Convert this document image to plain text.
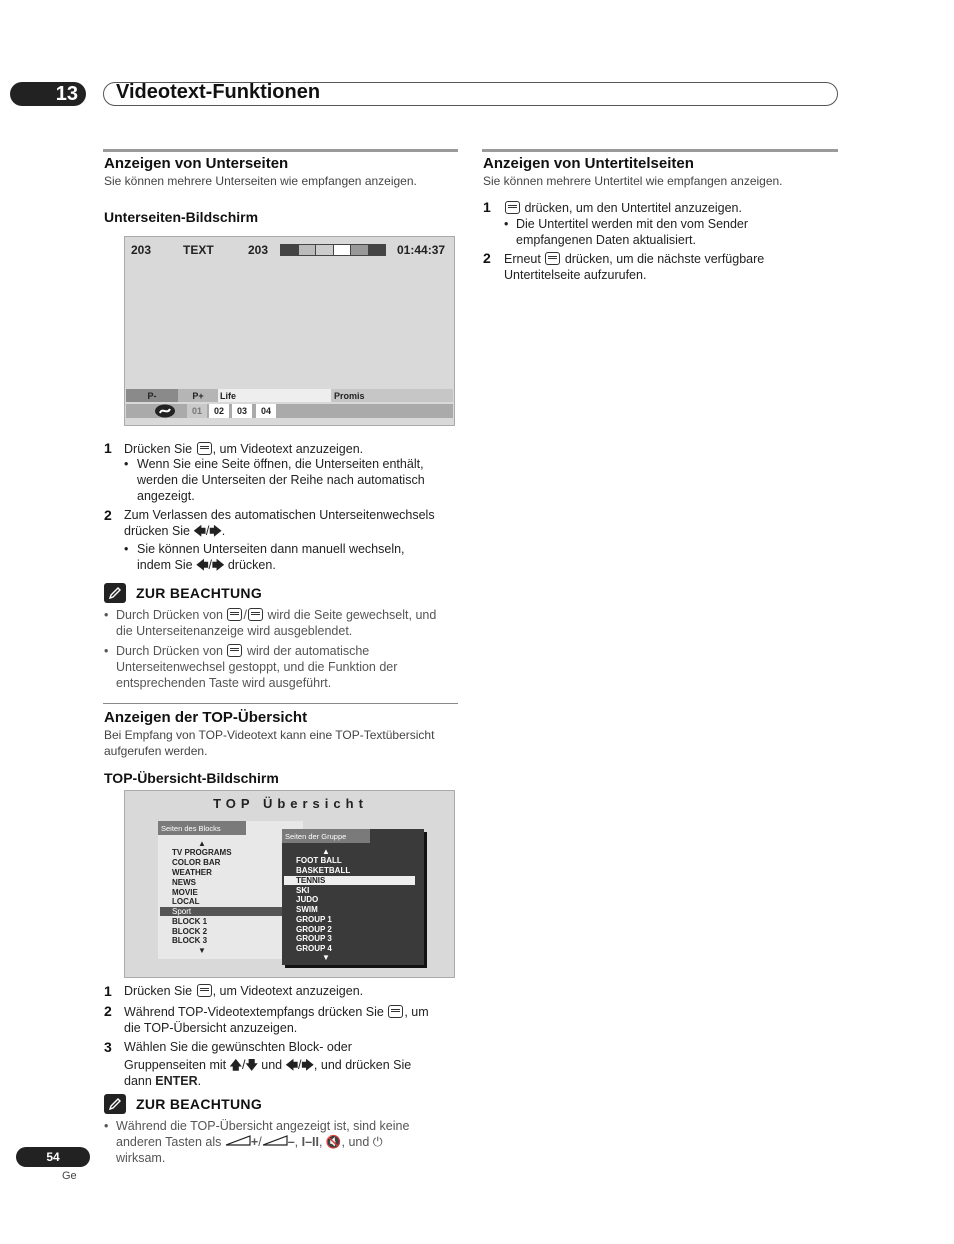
13	Videotext-Funktionen
Anzeigen von Unterseiten
Sie können mehrere Unterseiten wie empfangen anzeigen.
Unterseiten-Bildschirm
203	TEXT	203	01:44:37
P-	P+ Life	Promis
01 02 03 04
1 Drücken Sie , um Videotext anzuzeigen.
• Wenn Sie eine Seite öffnen, die Unterseiten enthält,
werden die Unterseiten der Reihe nach automatisch
angezeigt.
2 Zum Verlassen des automatischen Unterseitenwechsels
drücken Sie 🡄/🡆.
• Sie können Unterseiten dann manuell wechseln,
indem Sie 🡄/🡆 drücken.
ZUR BEACHTUNG
• Durch Drücken von / wird die Seite gewechselt, und
die Unterseitenanzeige wird ausgeblendet.
• Durch Drücken von wird der automatische
Unterseitenwechsel gestoppt, und die Funktion der
entsprechenden Taste wird ausgeführt.
Anzeigen der TOP-Übersicht
Bei Empfang von TOP-Videotext kann eine TOP-Textübersicht
aufgerufen werden.
TOP-Übersicht-Bildschirm
TOP Übersicht
Seiten des Blocks
▲
TV PROGRAMS
COLOR BAR
WEATHER
NEWS
MOVIE
LOCAL
Sport
BLOCK 1
BLOCK 2
BLOCK 3
▼
Seiten der Gruppe
▲
FOOT BALL
BASKETBALL
TENNIS
SKI
JUDO
SWIM
GROUP 1
GROUP 2
GROUP 3
GROUP 4
▼
1 Drücken Sie , um Videotext anzuzeigen.
2 Während TOP-Videotextempfangs drücken Sie , um
die TOP-Übersicht anzuzeigen.
3 Wählen Sie die gewünschten Block- oder
Gruppenseiten mit 🡅/🡇 und 🡄/🡆, und drücken Sie
dann ENTER.
ZUR BEACHTUNG
• Während die TOP-Übersicht angezeigt ist, sind keine
anderen Tasten als +/ –, I–II, 🔇, und ⏻
wirksam.
Anzeigen von Untertitelseiten
Sie können mehrere Untertitel wie empfangen anzeigen.
1	drücken, um den Untertitel anzuzeigen.
• Die Untertitel werden mit den vom Sender
empfangenen Daten aktualisiert.
2 Erneut drücken, um die nächste verfügbare
Untertitelseite aufzurufen.
54
Ge
